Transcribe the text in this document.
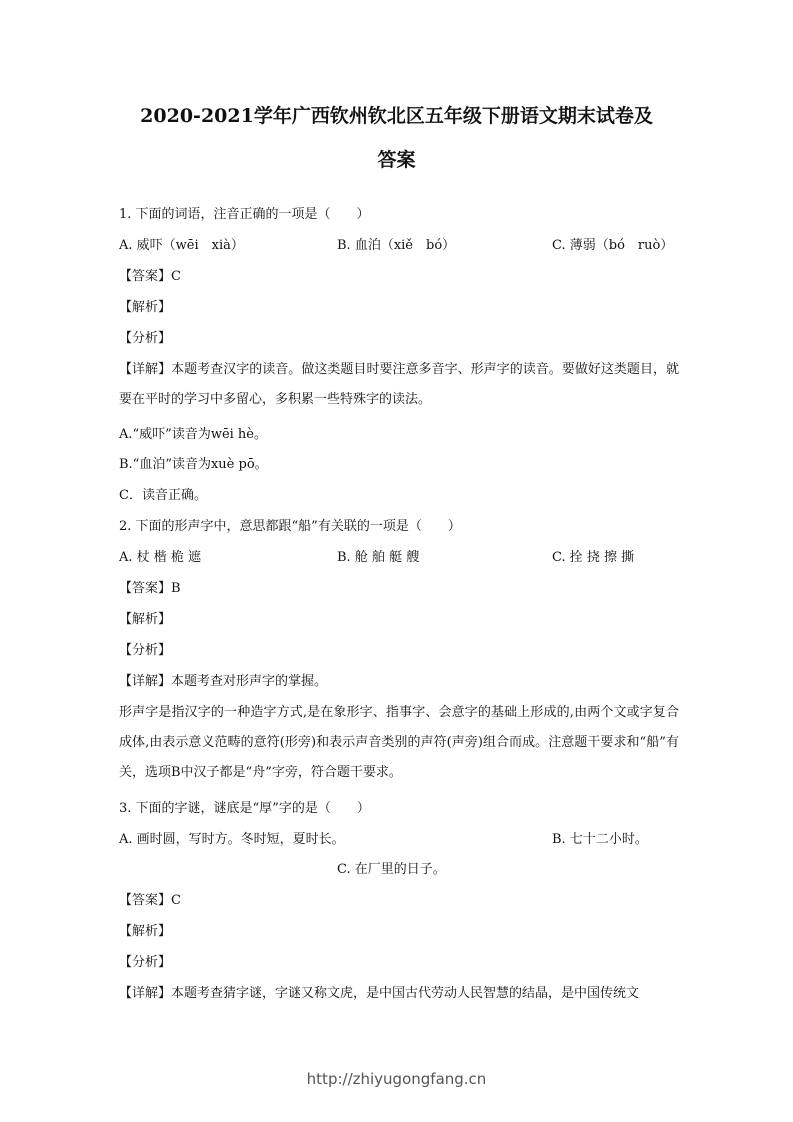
2020-2021学年广西钦州钦北区五年级下册语文期末试卷及
答案
1. 下面的词语，注音正确的一项是（　　）
A. 威吓（wēi　xià）	B. 血泊（xiě　bó）	C. 薄弱（bó　ruò）
【答案】C
【解析】
【分析】
【详解】本题考查汉字的读音。做这类题目时要注意多音字、形声字的读音。要做好这类题目，就要在平时的学习中多留心，多积累一些特殊字的读法。
A.“威吓”读音为wēi hè。
B.“血泊”读音为xuè pō。
C．读音正确。
2. 下面的形声字中，意思都跟“船”有关联的一项是（　　）
A. 杖 楷 桅 遮	B. 舱 舶 艇 艘	C. 拴 挠 擦 撕
【答案】B
【解析】
【分析】
【详解】本题考查对形声字的掌握。
形声字是指汉字的一种造字方式,是在象形字、指事字、会意字的基础上形成的,由两个文或字复合成体,由表示意义范畴的意符(形旁)和表示声音类别的声符(声旁)组合而成。注意题干要求和“船”有关，选项B中汉子都是“舟”字旁，符合题干要求。
3. 下面的字谜，谜底是“厚”字的是（　　）
A. 画时圆，写时方。冬时短，夏时长。	B. 七十二小时。
C. 在厂里的日子。
【答案】C
【解析】
【分析】
【详解】本题考查猜字谜，字谜又称文虎，是中国古代劳动人民智慧的结晶，是中国传统文
http://zhiyugongfang.cn
